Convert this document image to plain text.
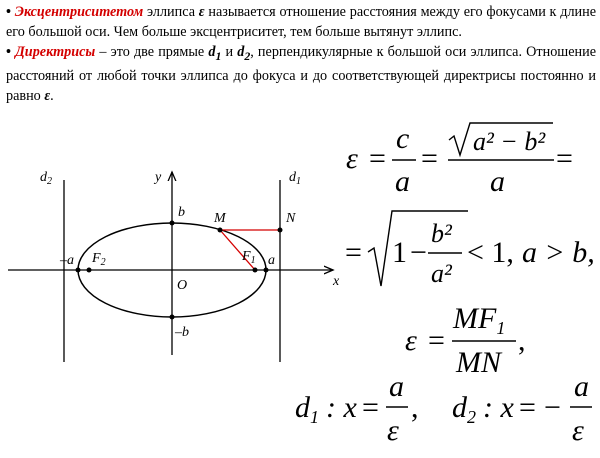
• Эксцентриситетом эллипса ε называется отношение расстояния между его фокусами к длине его большой оси. Чем больше эксцентриситет, тем больше вытянут эллипс.

• Директрисы – это две прямые $d_1$ и $d_2$, перпендикулярные к большой оси эллипса. Отношение расстояний от любой точки эллипса до фокуса и до соответствующей директрисы постоянно и равно ε.

$d_2$	y	$d_1$
b M	N
–a $F_2$	$F_1$ a
O	x
–b
ε =
c
a
=
a² − b²
a
=
= 1 −
b²
a²
< 1, a > b,
ε =
$MF_1$
MN
,
$d_1$ : x =
a
ε
, $d_2$ : x = −
a
ε
